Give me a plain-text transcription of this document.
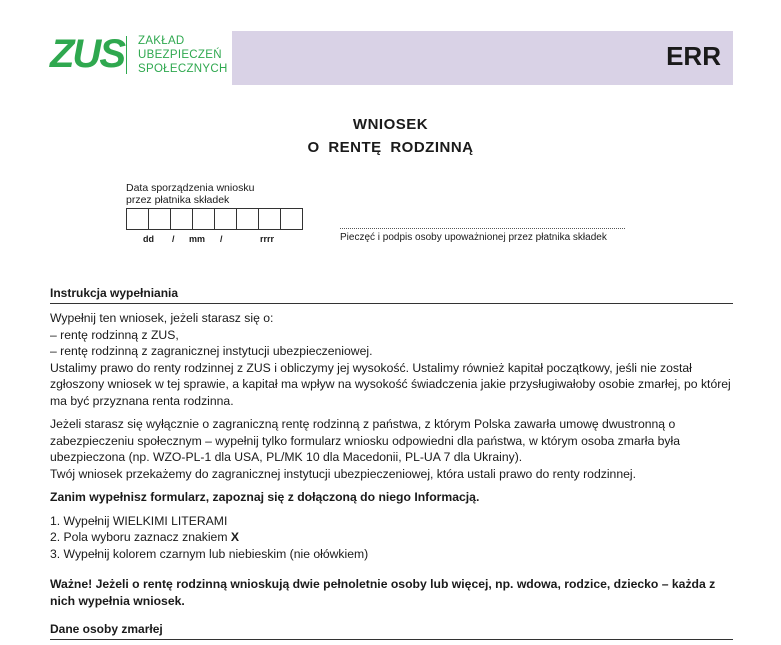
ZUS ZAKŁAD
UBEZPIECZEŃ
SPOŁECZNYCH	ERR
WNIOSEK
O RENTĘ RODZINNĄ
Data sporządzenia wniosku
przez płatnika składek
dd / mm /	rrrr	Pieczęć i podpis osoby upoważnionej przez płatnika składek
Instrukcja wypełniania

Wypełnij ten wniosek, jeżeli starasz się o:

– rentę rodzinną z ZUS,

– rentę rodzinną z zagranicznej instytucji ubezpieczeniowej.

Ustalimy prawo do renty rodzinnej z ZUS i obliczymy jej wysokość. Ustalimy również kapitał początkowy, jeśli nie został zgłoszony wniosek w tej sprawie, a kapitał ma wpływ na wysokość świadczenia jakie przysługiwałoby osobie zmarłej, po której ma być przyznana renta rodzinna.

Jeżeli starasz się wyłącznie o zagraniczną rentę rodzinną z państwa, z którym Polska zawarła umowę dwustronną o zabezpieczeniu społecznym – wypełnij tylko formularz wniosku odpowiedni dla państwa, w którym osoba zmarła była ubezpieczona (np. WZO-PL-1 dla USA, PL/MK 10 dla Macedonii, PL-UA 7 dla Ukrainy).

Twój wniosek przekażemy do zagranicznej instytucji ubezpieczeniowej, która ustali prawo do renty rodzinnej.

Zanim wypełnisz formularz, zapoznaj się z dołączoną do niego Informacją.

1. Wypełnij WIELKIMI LITERAMI

2. Pola wyboru zaznacz znakiem X

3. Wypełnij kolorem czarnym lub niebieskim (nie ołówkiem)

Ważne! Jeżeli o rentę rodzinną wnioskują dwie pełnoletnie osoby lub więcej, np. wdowa, rodzice, dziecko – każda z nich wypełnia wniosek.

Dane osoby zmarłej
